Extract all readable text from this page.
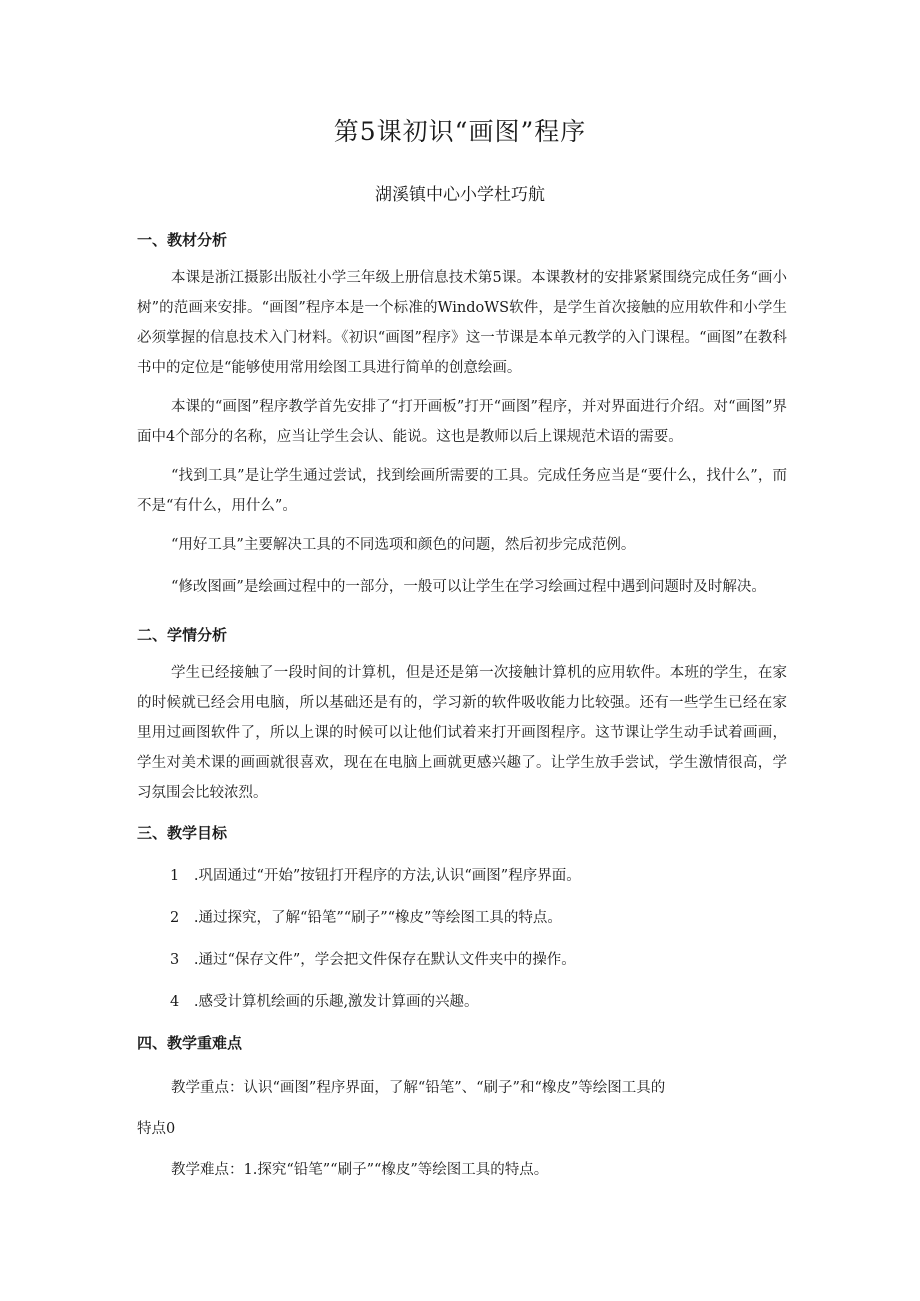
第5课初识“画图”程序

湖溪镇中心小学杜巧航

一、教材分析

本课是浙江摄影出版社小学三年级上册信息技术第5课。本课教材的安排紧紧围绕完成任务“画小树”的范画来安排。“画图”程序本是一个标准的WindoWS软件，是学生首次接触的应用软件和小学生必须掌握的信息技术入门材料。《初识“画图”程序》这一节课是本单元教学的入门课程。“画图”在教科书中的定位是“能够使用常用绘图工具进行简单的创意绘画。

本课的“画图”程序教学首先安排了“打开画板”打开“画图”程序，并对界面进行介绍。对“画图”界面中4个部分的名称，应当让学生会认、能说。这也是教师以后上课规范术语的需要。

“找到工具”是让学生通过尝试，找到绘画所需要的工具。完成任务应当是“要什么，找什么”，而不是“有什么，用什么”。

“用好工具”主要解决工具的不同选项和颜色的问题，然后初步完成范例。

“修改图画”是绘画过程中的一部分，一般可以让学生在学习绘画过程中遇到问题时及时解决。

二、学情分析

学生已经接触了一段时间的计算机，但是还是第一次接触计算机的应用软件。本班的学生，在家的时候就已经会用电脑，所以基础还是有的，学习新的软件吸收能力比较强。还有一些学生已经在家里用过画图软件了，所以上课的时候可以让他们试着来打开画图程序。这节课让学生动手试着画画，学生对美术课的画画就很喜欢，现在在电脑上画就更感兴趣了。让学生放手尝试，学生激情很高，学习氛围会比较浓烈。

三、教学目标
1 .巩固通过“开始”按钮打开程序的方法,认识“画图”程序界面。
2 .通过探究，了解“铅笔”“刷子”“橡皮”等绘图工具的特点。
3 .通过“保存文件”，学会把文件保存在默认文件夹中的操作。
4 .感受计算机绘画的乐趣,激发计算画的兴趣。
四、教学重难点

教学重点：认识“画图”程序界面，了解“铅笔”、“刷子”和“橡皮”等绘图工具的

特点0

教学难点：1.探究“铅笔”“刷子”“橡皮”等绘图工具的特点。
